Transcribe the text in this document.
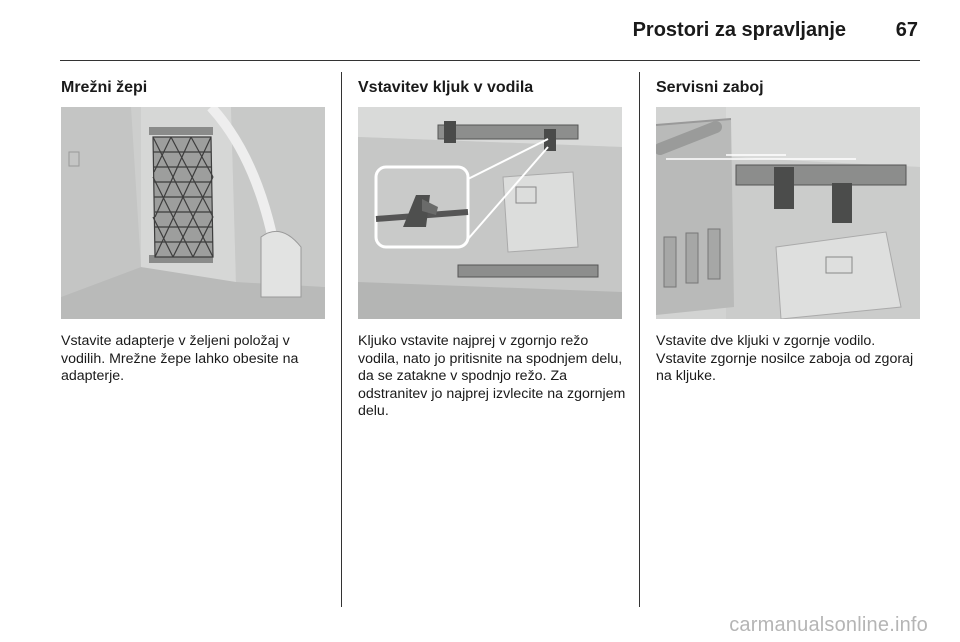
Prostori za spravljanje 67
Mrežni žepi

Vstavite adapterje v željeni položaj v vodilih. Mrežne žepe lahko obesite na adapterje.

Vstavitev kljuk v vodila

Kljuko vstavite najprej v zgornjo režo vodila, nato jo pritisnite na spodnjem delu, da se zatakne v spodnjo režo. Za odstranitev jo najprej izvlecite na zgornjem delu.

Servisni zaboj

Vstavite dve kljuki v zgornje vodilo. Vstavite zgornje nosilce zaboja od zgoraj na kljuke.

carmanualsonline.info
